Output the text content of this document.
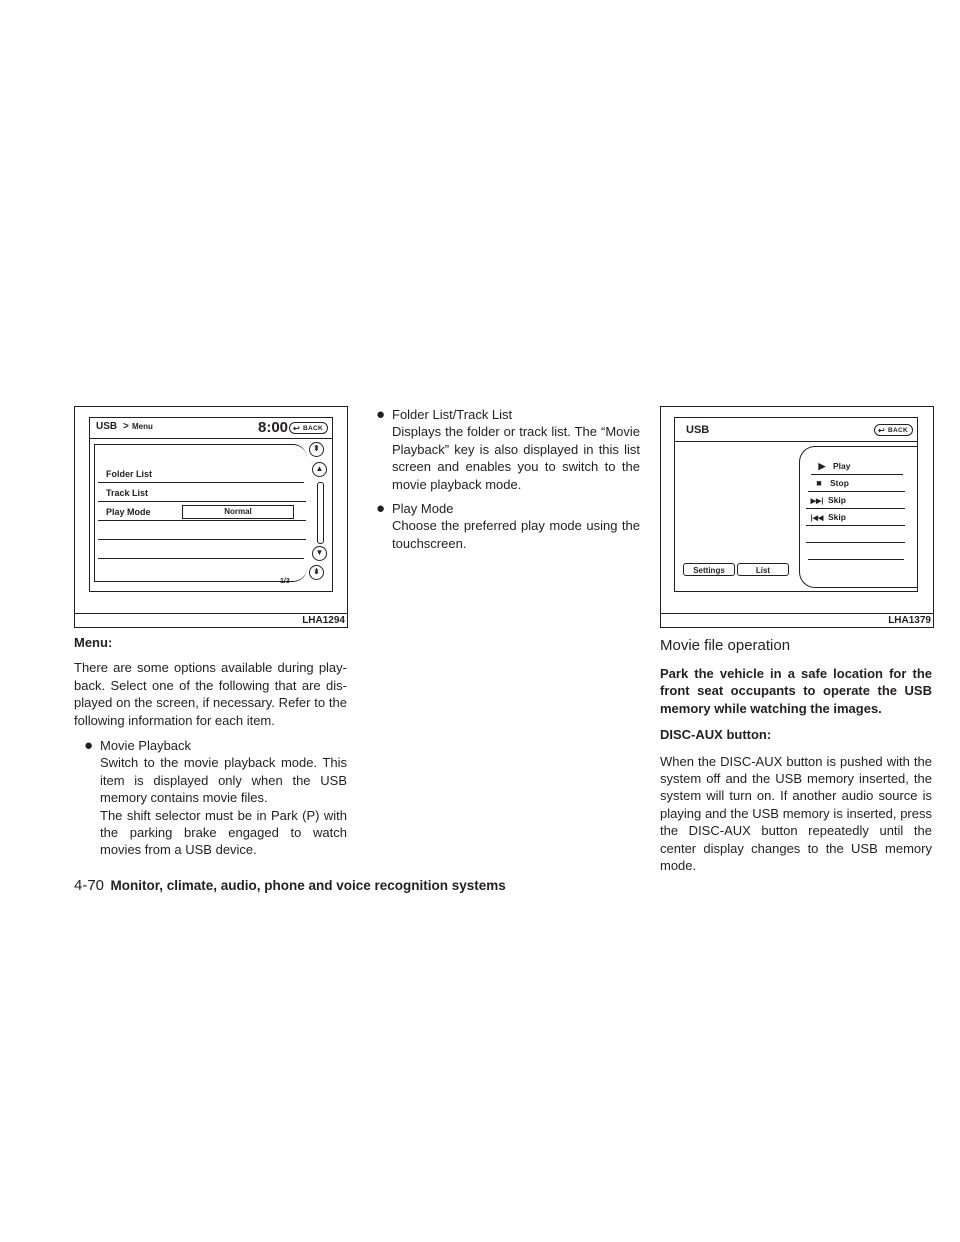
USB > Menu	8:00 ↩ BACK
Folder List
Track List
Play Mode	Normal
⇞
▲
▼
⇟
1/3
LHA1294
USB	↩ BACK
▶ Play
■ Stop
▶▶| Skip
|◀◀ Skip
Settings	List
LHA1379
Menu:
There are some options available during play- back. Select one of the following that are dis- played on the screen, if necessary. Refer to the following information for each item.
● Movie Playback
Switch to the movie playback mode. This item is displayed only when the USB memory contains movie files.
The shift selector must be in Park (P) with the parking brake engaged to watch movies from a USB device.
● Folder List/Track List
Displays the folder or track list. The “Movie Playback” key is also displayed in this list screen and enables you to switch to the movie playback mode.
● Play Mode
Choose the preferred play mode using the touchscreen.
Movie file operation
Park the vehicle in a safe location for the front seat occupants to operate the USB memory while watching the images.
DISC-AUX button:
When the DISC-AUX button is pushed with the system off and the USB memory inserted, the system will turn on. If another audio source is playing and the USB memory is inserted, press the DISC-AUX button repeatedly until the center display changes to the USB memory mode.
4-70 Monitor, climate, audio, phone and voice recognition systems
